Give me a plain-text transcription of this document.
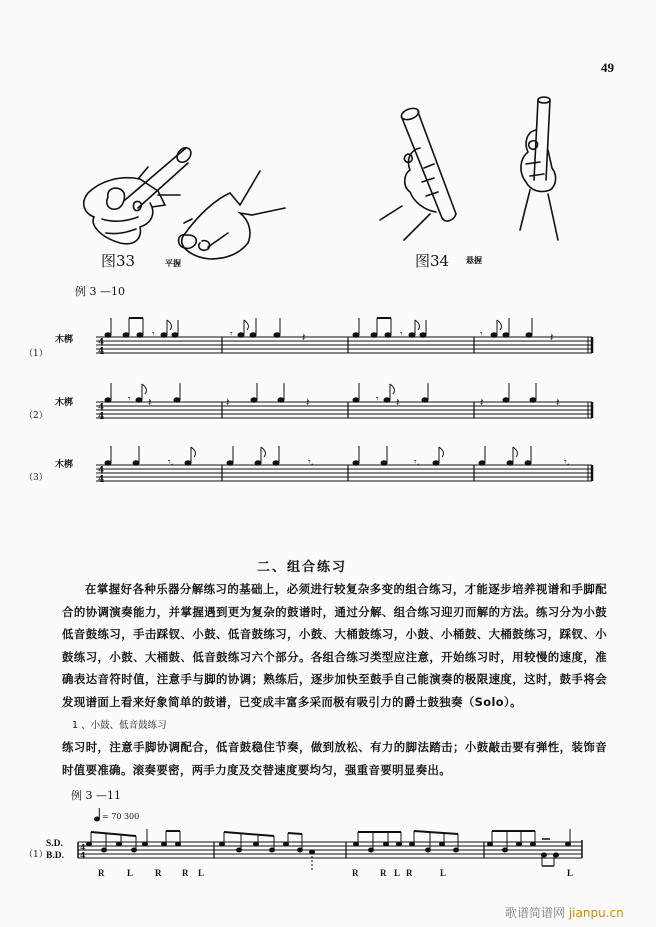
49
图33	平握	图34 悬握
例 3 —10
木梆
（1）
4
4
𝄾	𝄾	𝄽	𝄾	𝄾	𝄽
木梆
（2）
4
4
𝄾 𝄽	𝄽	𝄽	𝄾 𝄽	𝄽	𝄽
木梆
（3）
4
4
𝄾.	𝄾.	𝄾.	𝄾.
二、组合练习

在掌握好各种乐器分解练习的基础上，必须进行较复杂多变的组合练习，才能逐步培养视谱和手脚配合的协调演奏能力，并掌握遇到更为复杂的鼓谱时，通过分解、组合练习迎刃而解的方法。练习分为小鼓低音鼓练习，手击踩钗、小鼓、低音鼓练习，小鼓、大桶鼓练习，小鼓、小桶鼓、大桶鼓练习，踩钗、小鼓练习，小鼓、大桶鼓、低音鼓练习六个部分。各组合练习类型应注意，开始练习时，用较慢的速度，准确表达音符时值，注意手与脚的协调；熟练后，逐步加快至鼓手自己能演奏的极限速度，这时，鼓手将会发现谱面上看来好象简单的鼓谱，已变成丰富多采而极有吸引力的爵士鼓独奏（Solo）。

1 、小鼓、低音鼓练习

练习时，注意手脚协调配合，低音鼓稳住节奏，做到放松、有力的脚法踏击；小鼓敲击要有弹性，装饰音时值要准确。滚奏要密，两手力度及交替速度要均匀，强重音要明显奏出。

例 3 —11
= 70 300
（1）
S.D.
B.D.
4
4
R	L R R L	R R L R	L	L
歌谱简谱网 jianpu.cn
